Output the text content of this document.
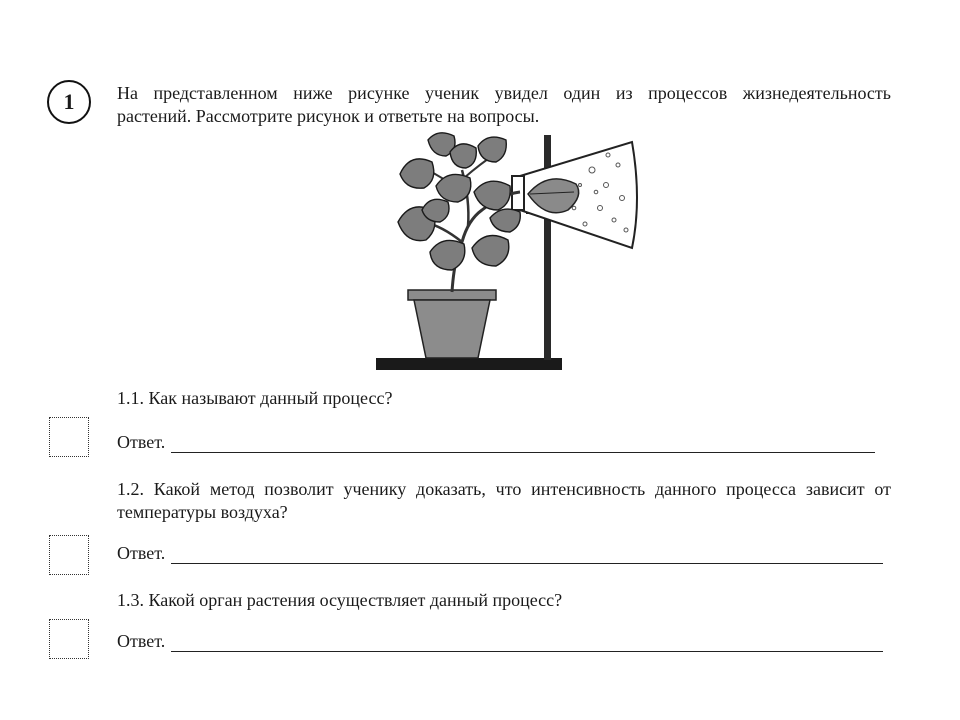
1 На представленном ниже рисунке ученик увидел один из процессов жизнедеятельность
растений. Рассмотрите рисунок и ответьте на вопросы.
1.1. Как называют данный процесс?
Ответ.
1.2. Какой метод позволит ученику доказать, что интенсивность данного процесса зависит от
температуры воздуха?
Ответ.
1.3. Какой орган растения осуществляет данный процесс?
Ответ.
